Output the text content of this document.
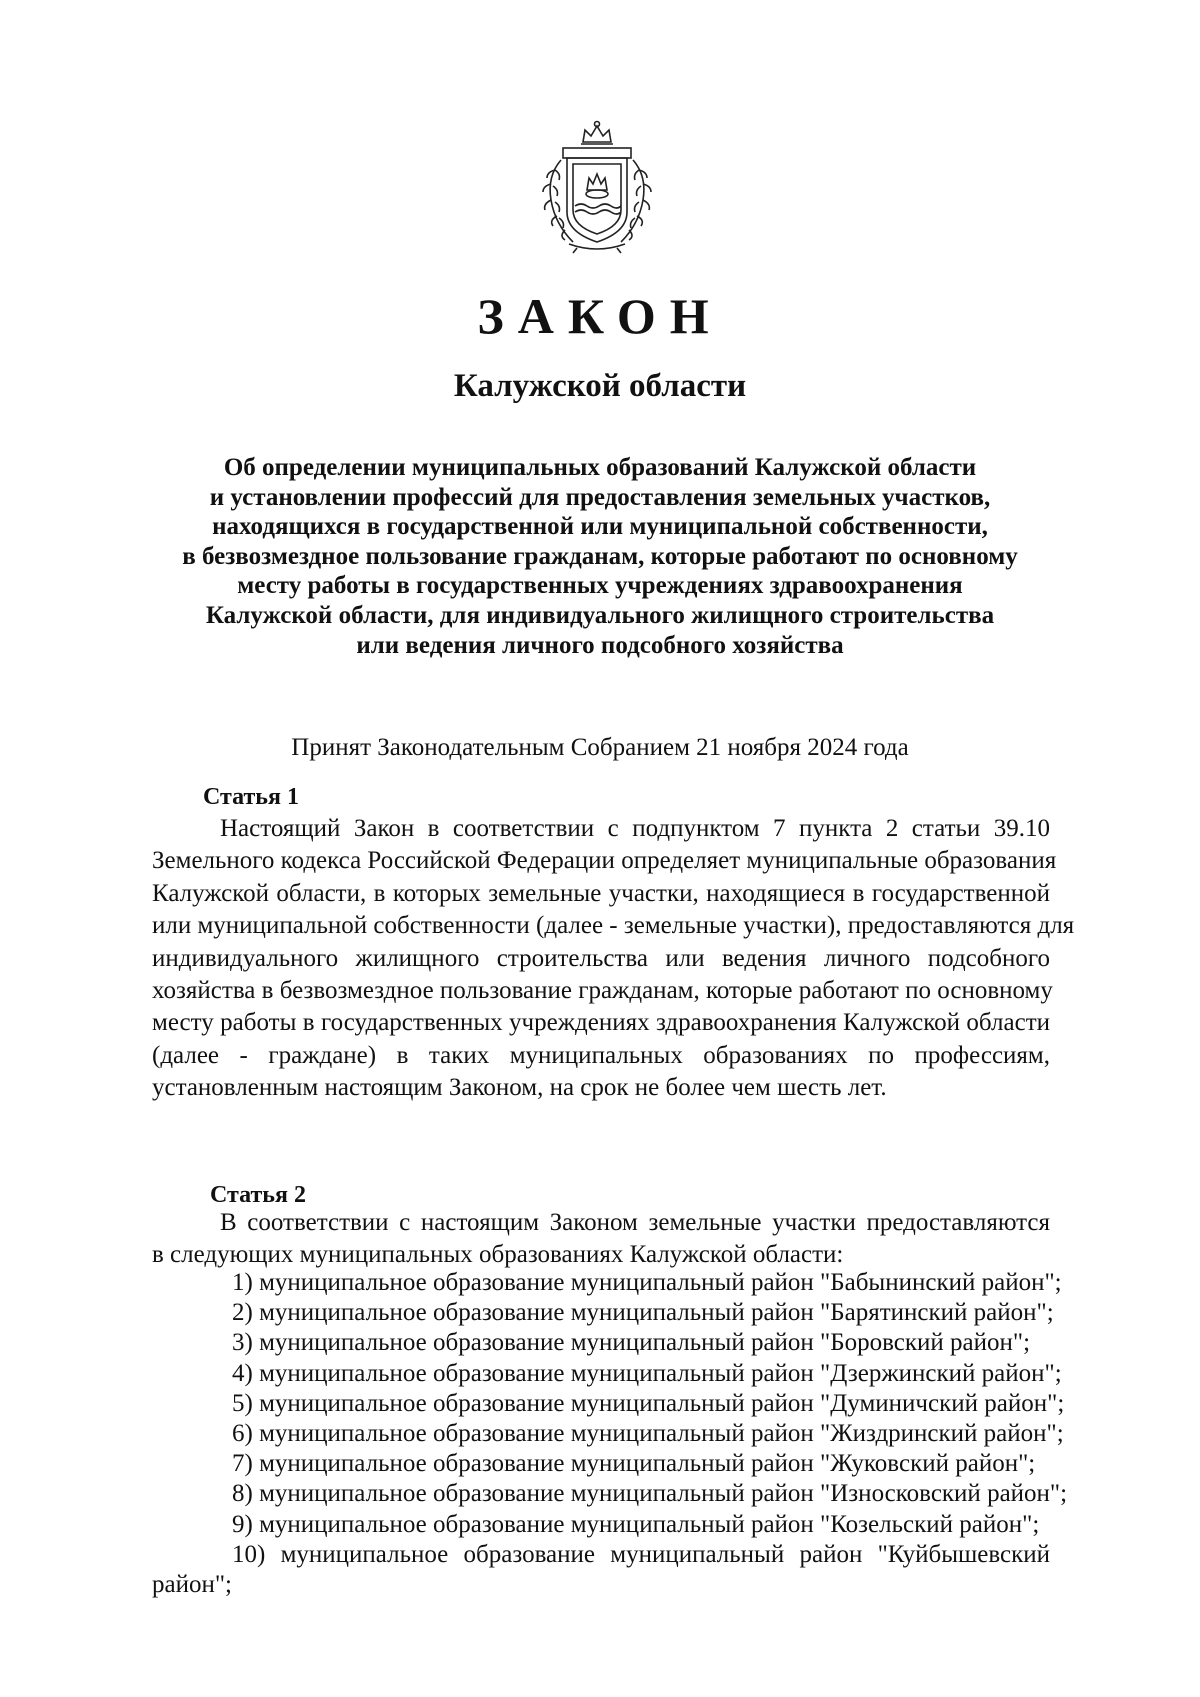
ЗАКОН
Калужской области
Об определении муниципальных образований Калужской области
и установлении профессий для предоставления земельных участков,
находящихся в государственной или муниципальной собственности,
в безвозмездное пользование гражданам, которые работают по основному
месту работы в государственных учреждениях здравоохранения
Калужской области, для индивидуального жилищного строительства
или ведения личного подсобного хозяйства
Принят Законодательным Собранием 21 ноября 2024 года
Статья 1
Настоящий Закон в соответствии с подпунктом 7 пункта 2 статьи 39.10
Земельного кодекса Российской Федерации определяет муниципальные образования
Калужской области, в которых земельные участки, находящиеся в государственной
или муниципальной собственности (далее - земельные участки), предоставляются для
индивидуального жилищного строительства или ведения личного подсобного
хозяйства в безвозмездное пользование гражданам, которые работают по основному
месту работы в государственных учреждениях здравоохранения Калужской области
(далее - граждане) в таких муниципальных образованиях по профессиям,
установленным настоящим Законом, на срок не более чем шесть лет.
Статья 2
В соответствии с настоящим Законом земельные участки предоставляются
в следующих муниципальных образованиях Калужской области:
1) муниципальное образование муниципальный район "Бабынинский район";
2) муниципальное образование муниципальный район "Барятинский район";
3) муниципальное образование муниципальный район "Боровский район";
4) муниципальное образование муниципальный район "Дзержинский район";
5) муниципальное образование муниципальный район "Думиничский район";
6) муниципальное образование муниципальный район "Жиздринский район";
7) муниципальное образование муниципальный район "Жуковский район";
8) муниципальное образование муниципальный район "Износковский район";
9) муниципальное образование муниципальный район "Козельский район";
10) муниципальное образование муниципальный район "Куйбышевский
район";
